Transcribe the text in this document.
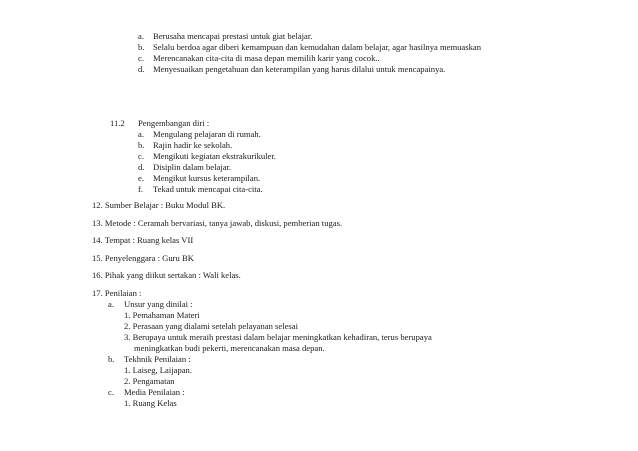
a. Berusaha mencapai prestasi untuk giat belajar.
b. Selalu berdoa agar diberi kemampuan dan kemudahan dalam belajar, agar hasilnya memuaskan
c. Merencanakan cita-cita di masa depan memilih karir yang cocok..
d. Menyesuaikan pengetahuan dan keterampilan yang harus dilalui untuk mencapainya.
11.2 Pengembangan diri :
a. Mengulang pelajaran di rumah.
b. Rajin hadir ke sekolah.
c. Mengikuti kegiatan ekstrakurikuler.
d. Disiplin dalam belajar.
e. Mengikut kursus keterampilan.
f. Tekad untuk mencapai cita-cita.
12. Sumber Belajar : Buku Modul BK.
13. Metode : Ceramah bervariasi, tanya jawab, diskusi, pemberian tugas.
14. Tempat : Ruang kelas VII
15. Penyelenggara : Guru BK
16. Pihak yang diikut sertakan : Wali kelas.
17. Penilaian :
a. Unsur yang dinilai :
1. Pemahaman Materi
2. Perasaan yang dialami setelah pelayanan selesai
3. Berupaya untuk meraih prestasi dalam belajar meningkatkan kehadiran, terus berupaya
meningkatkan budi pekerti, merencanakan masa depan.
b. Tekhnik Penilaian :
1. Laiseg, Laijapan.
2. Pengamatan
c. Media Penilaian :
1. Ruang Kelas
